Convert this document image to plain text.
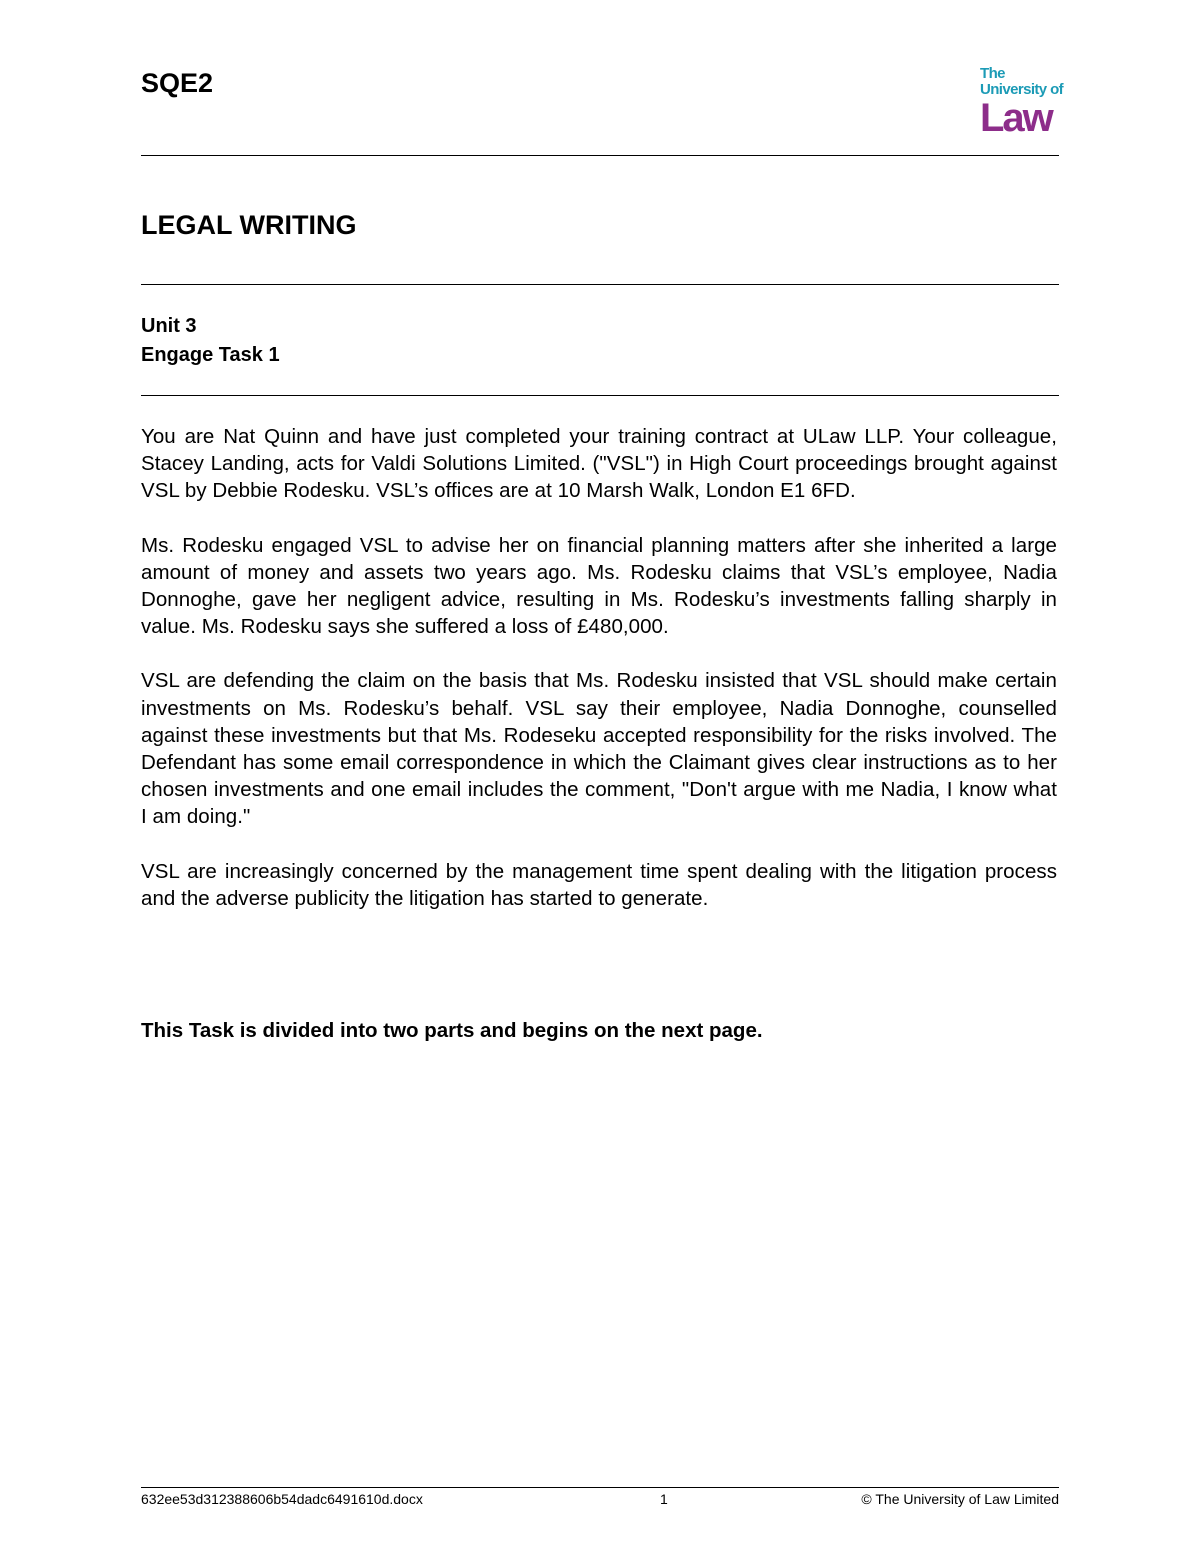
SQE2	The
University of
Law
LEGAL WRITING
Unit 3
Engage Task 1

You are Nat Quinn and have just completed your training contract at ULaw LLP. Your colleague, Stacey Landing, acts for Valdi Solutions Limited. ("VSL") in High Court proceedings brought against VSL by Debbie Rodesku. VSL’s offices are at 10 Marsh Walk, London E1 6FD.

Ms. Rodesku engaged VSL to advise her on financial planning matters after she inherited a large amount of money and assets two years ago. Ms. Rodesku claims that VSL’s employee, Nadia Donnoghe, gave her negligent advice, resulting in Ms. Rodesku’s investments falling sharply in value. Ms. Rodesku says she suffered a loss of £480,000.

VSL are defending the claim on the basis that Ms. Rodesku insisted that VSL should make certain investments on Ms. Rodesku’s behalf. VSL say their employee, Nadia Donnoghe, counselled against these investments but that Ms. Rodeseku accepted responsibility for the risks involved. The Defendant has some email correspondence in which the Claimant gives clear instructions as to her chosen investments and one email includes the comment, "Don't argue with me Nadia, I know what I am doing."

VSL are increasingly concerned by the management time spent dealing with the litigation process and the adverse publicity the litigation has started to generate.

This Task is divided into two parts and begins on the next page.
632ee53d312388606b54dadc6491610d.docx	1	© The University of Law Limited
